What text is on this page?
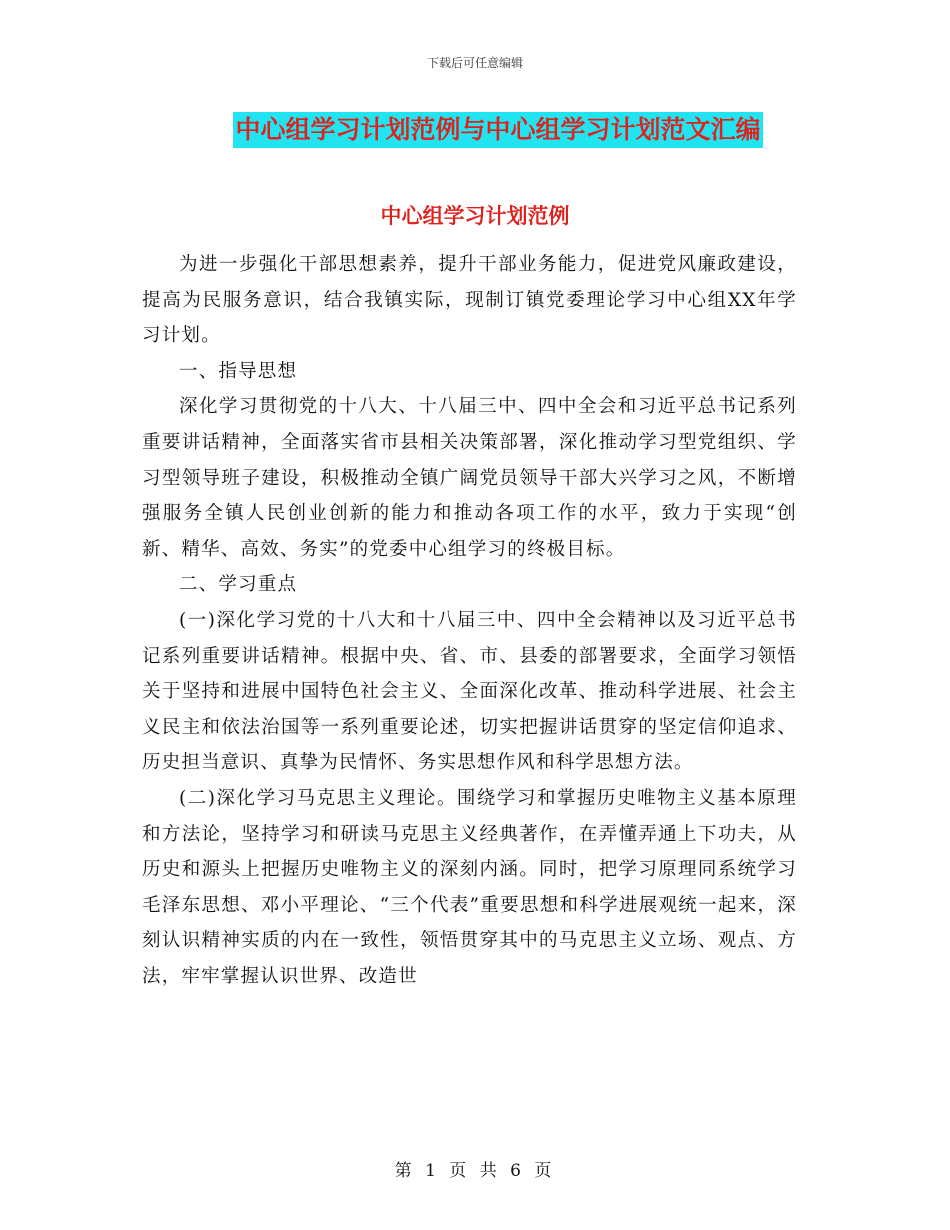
下载后可任意编辑
中心组学习计划范例与中心组学习计划范文汇编
中心组学习计划范例

为进一步强化干部思想素养，提升干部业务能力，促进党风廉政建设，提高为民服务意识，结合我镇实际，现制订镇党委理论学习中心组XX年学习计划。

一、指导思想

深化学习贯彻党的十八大、十八届三中、四中全会和习近平总书记系列重要讲话精神，全面落实省市县相关决策部署，深化推动学习型党组织、学习型领导班子建设，积极推动全镇广阔党员领导干部大兴学习之风，不断增强服务全镇人民创业创新的能力和推动各项工作的水平，致力于实现“创新、精华、高效、务实”的党委中心组学习的终极目标。

二、学习重点

(一)深化学习党的十八大和十八届三中、四中全会精神以及习近平总书记系列重要讲话精神。根据中央、省、市、县委的部署要求，全面学习领悟关于坚持和进展中国特色社会主义、全面深化改革、推动科学进展、社会主义民主和依法治国等一系列重要论述，切实把握讲话贯穿的坚定信仰追求、历史担当意识、真挚为民情怀、务实思想作风和科学思想方法。

(二)深化学习马克思主义理论。围绕学习和掌握历史唯物主义基本原理和方法论，坚持学习和研读马克思主义经典著作，在弄懂弄通上下功夫，从历史和源头上把握历史唯物主义的深刻内涵。同时，把学习原理同系统学习毛泽东思想、邓小平理论、“三个代表”重要思想和科学进展观统一起来，深刻认识精神实质的内在一致性，领悟贯穿其中的马克思主义立场、观点、方法，牢牢掌握认识世界、改造世

第 1 页 共 6 页
